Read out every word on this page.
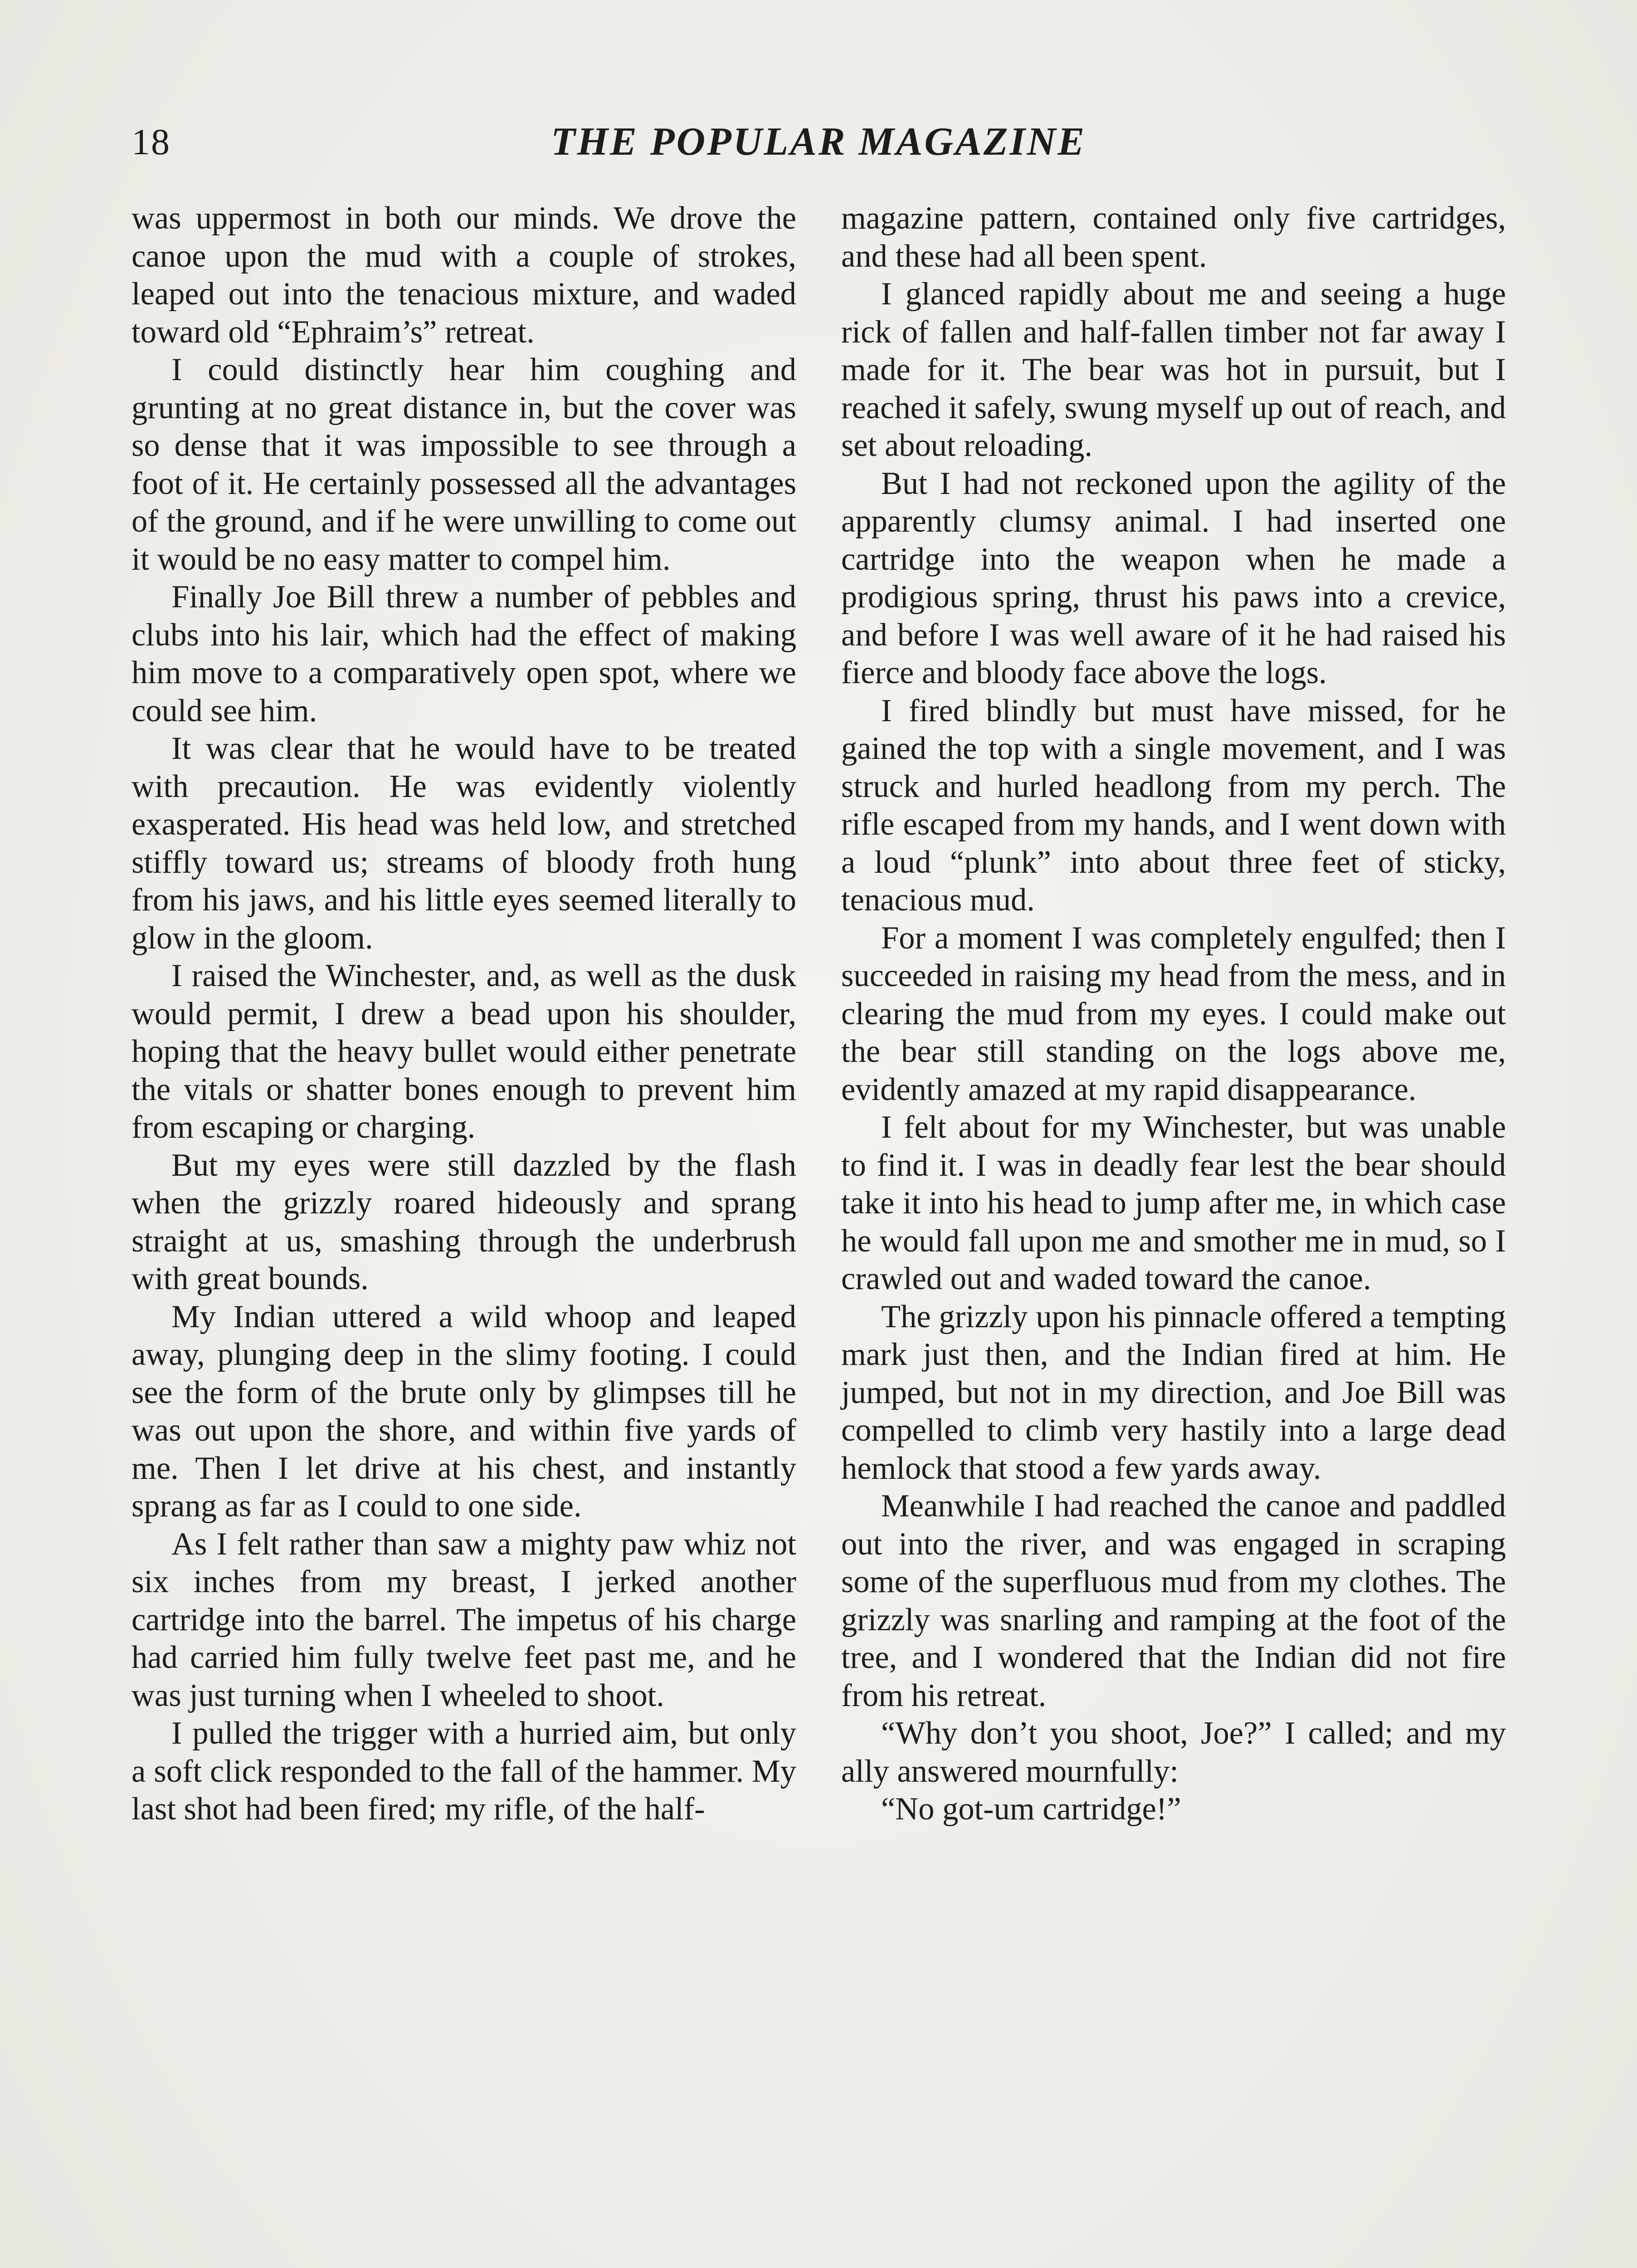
18	THE POPULAR MAGAZINE

was uppermost in both our minds. We drove the canoe upon the mud with a couple of strokes, leaped out into the tenacious mixture, and waded toward old “Ephraim’s” retreat.

I could distinctly hear him coughing and grunting at no great distance in, but the cover was so dense that it was impossible to see through a foot of it. He certainly possessed all the advantages of the ground, and if he were unwilling to come out it would be no easy matter to compel him.

Finally Joe Bill threw a number of pebbles and clubs into his lair, which had the effect of making him move to a comparatively open spot, where we could see him.

It was clear that he would have to be treated with precaution. He was evidently violently exasperated. His head was held low, and stretched stiffly toward us; streams of bloody froth hung from his jaws, and his little eyes seemed literally to glow in the gloom.

I raised the Winchester, and, as well as the dusk would permit, I drew a bead upon his shoulder, hoping that the heavy bullet would either penetrate the vitals or shatter bones enough to prevent him from escaping or charging.

But my eyes were still dazzled by the flash when the grizzly roared hideously and sprang straight at us, smashing through the underbrush with great bounds.

My Indian uttered a wild whoop and leaped away, plunging deep in the slimy footing. I could see the form of the brute only by glimpses till he was out upon the shore, and within five yards of me. Then I let drive at his chest, and instantly sprang as far as I could to one side.

As I felt rather than saw a mighty paw whiz not six inches from my breast, I jerked another cartridge into the barrel. The impetus of his charge had carried him fully twelve feet past me, and he was just turning when I wheeled to shoot.

I pulled the trigger with a hurried aim, but only a soft click responded to the fall of the hammer. My last shot had been fired; my rifle, of the half-

magazine pattern, contained only five cartridges, and these had all been spent.

I glanced rapidly about me and seeing a huge rick of fallen and half-fallen timber not far away I made for it. The bear was hot in pursuit, but I reached it safely, swung myself up out of reach, and set about reloading.

But I had not reckoned upon the agility of the apparently clumsy animal. I had inserted one cartridge into the weapon when he made a prodigious spring, thrust his paws into a crevice, and before I was well aware of it he had raised his fierce and bloody face above the logs.

I fired blindly but must have missed, for he gained the top with a single movement, and I was struck and hurled headlong from my perch. The rifle escaped from my hands, and I went down with a loud “plunk” into about three feet of sticky, tenacious mud.

For a moment I was completely engulfed; then I succeeded in raising my head from the mess, and in clearing the mud from my eyes. I could make out the bear still standing on the logs above me, evidently amazed at my rapid disappearance.

I felt about for my Winchester, but was unable to find it. I was in deadly fear lest the bear should take it into his head to jump after me, in which case he would fall upon me and smother me in mud, so I crawled out and waded toward the canoe.

The grizzly upon his pinnacle offered a tempting mark just then, and the Indian fired at him. He jumped, but not in my direction, and Joe Bill was compelled to climb very hastily into a large dead hemlock that stood a few yards away.

Meanwhile I had reached the canoe and paddled out into the river, and was engaged in scraping some of the superfluous mud from my clothes. The grizzly was snarling and ramping at the foot of the tree, and I wondered that the Indian did not fire from his retreat.

“Why don’t you shoot, Joe?” I called; and my ally answered mournfully:

“No got-um cartridge!”
